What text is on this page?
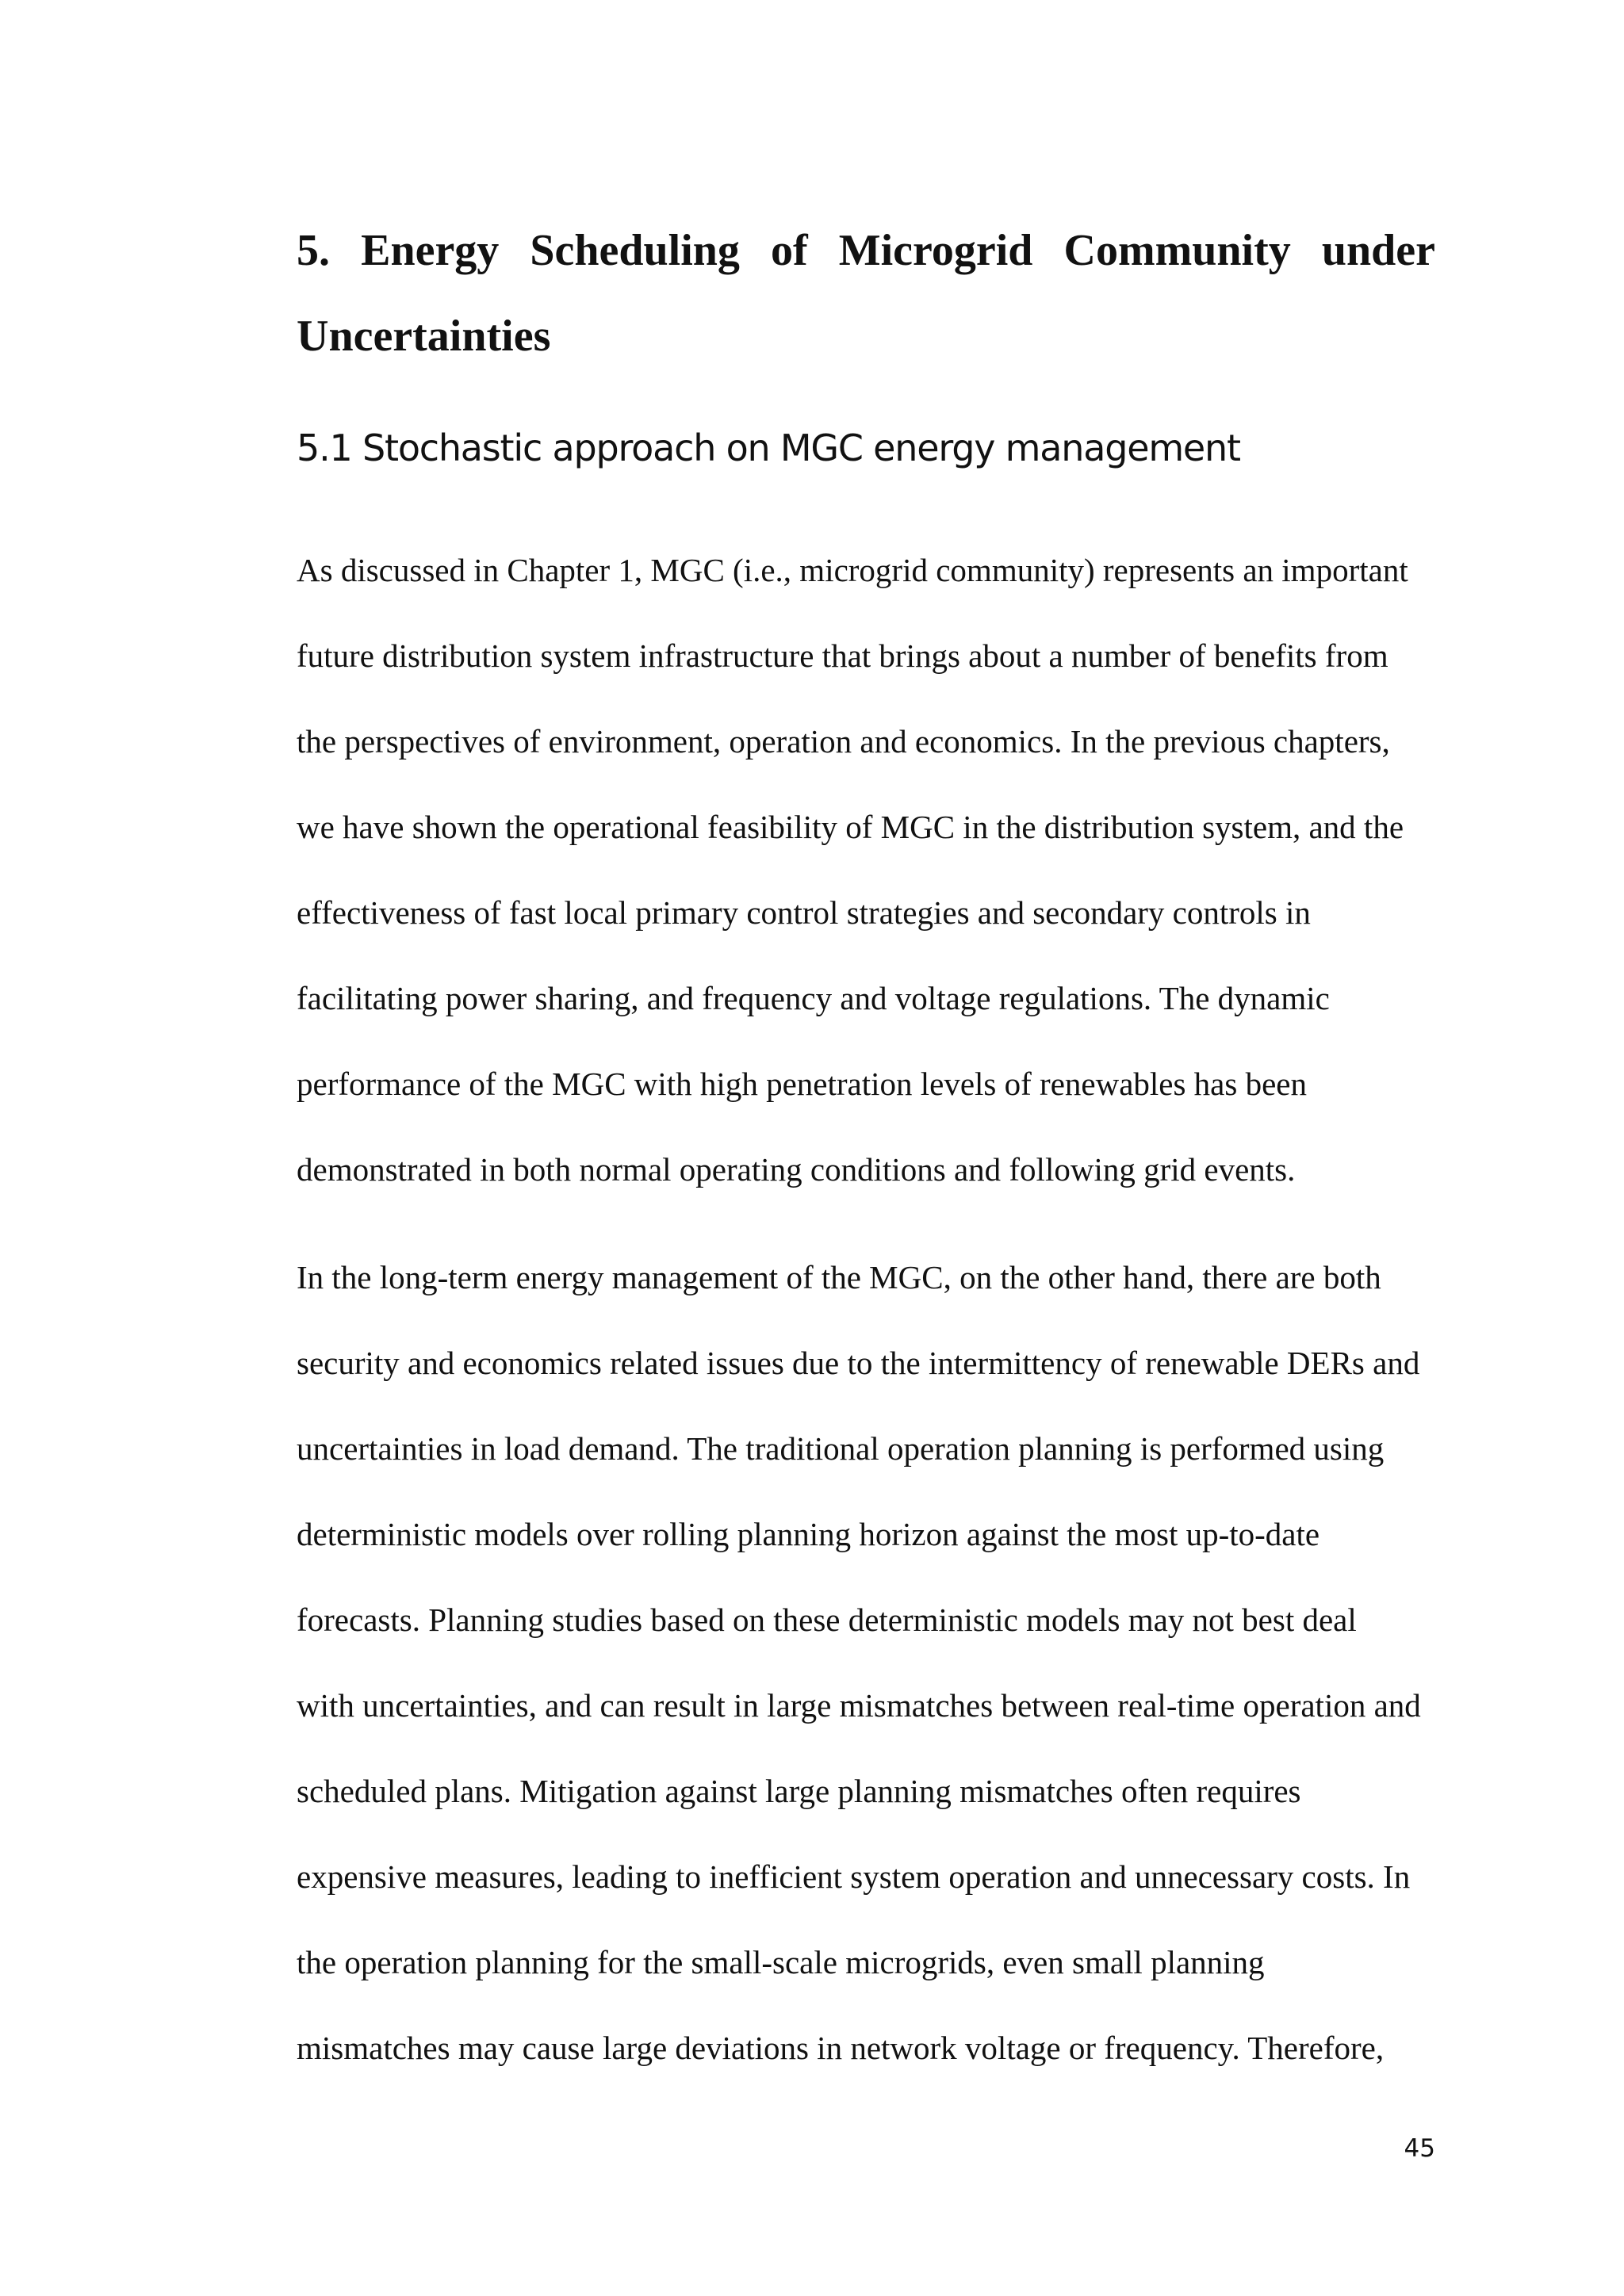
5. Energy Scheduling of Microgrid Community under Uncertainties
5.1 Stochastic approach on MGC energy management
As discussed in Chapter 1, MGC (i.e., microgrid community) represents an important
future distribution system infrastructure that brings about a number of benefits from
the perspectives of environment, operation and economics. In the previous chapters,
we have shown the operational feasibility of MGC in the distribution system, and the
effectiveness of fast local primary control strategies and secondary controls in
facilitating power sharing, and frequency and voltage regulations. The dynamic
performance of the MGC with high penetration levels of renewables has been
demonstrated in both normal operating conditions and following grid events.
In the long-term energy management of the MGC, on the other hand, there are both
security and economics related issues due to the intermittency of renewable DERs and
uncertainties in load demand. The traditional operation planning is performed using
deterministic models over rolling planning horizon against the most up-to-date
forecasts. Planning studies based on these deterministic models may not best deal
with uncertainties, and can result in large mismatches between real-time operation and
scheduled plans. Mitigation against large planning mismatches often requires
expensive measures, leading to inefficient system operation and unnecessary costs. In
the operation planning for the small-scale microgrids, even small planning
mismatches may cause large deviations in network voltage or frequency. Therefore,

45
